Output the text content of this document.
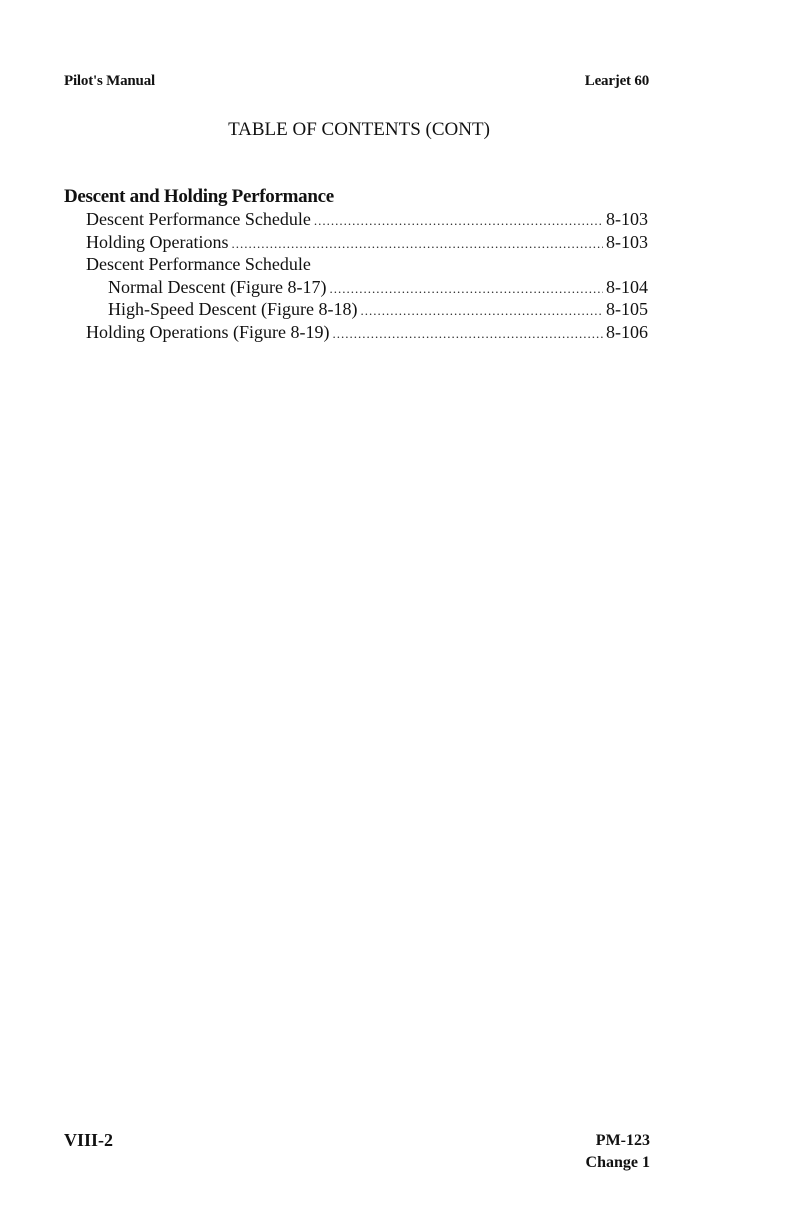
Pilot's Manual	Learjet 60
TABLE OF CONTENTS (CONT)
Descent and Holding Performance
Descent Performance Schedule .....	8-103
Holding Operations .....	8-103
Descent Performance Schedule
Normal Descent (Figure 8-17) .....	8-104
High-Speed Descent (Figure 8-18) .....	8-105
Holding Operations (Figure 8-19) .....	8-106
VIII-2	PM-123
Change 1
